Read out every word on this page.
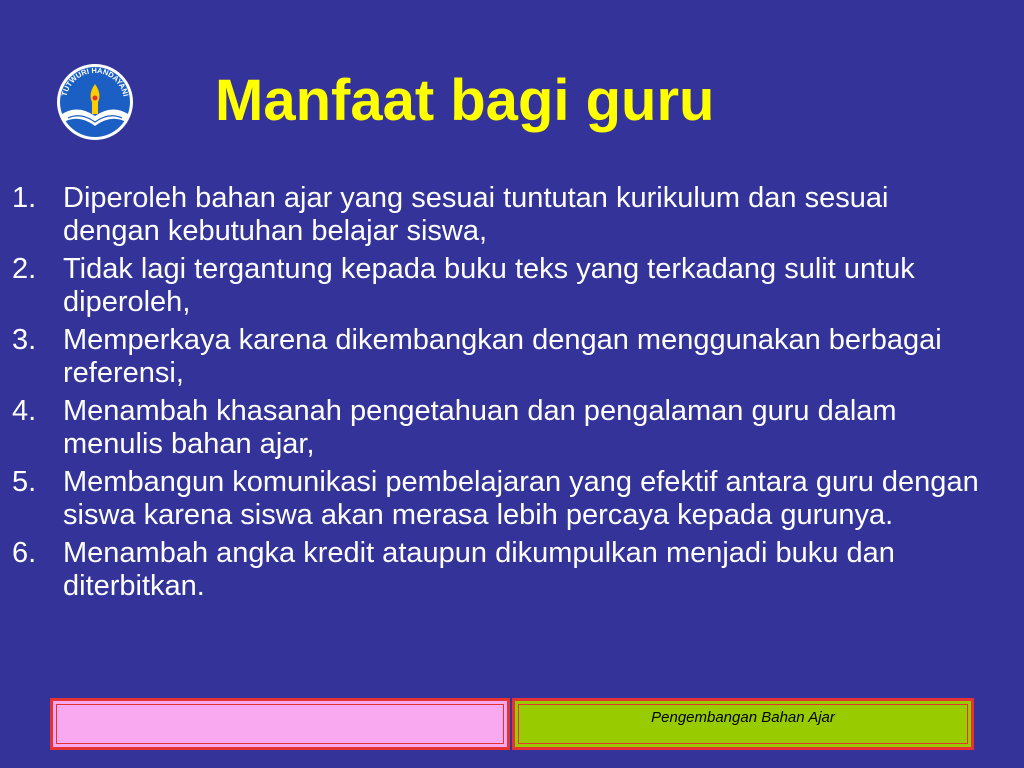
TUTWURI HANDAYANI Manfaat bagi guru
1. Diperoleh bahan ajar yang sesuai tuntutan kurikulum dan sesuai dengan kebutuhan belajar siswa,
2. Tidak lagi tergantung kepada buku teks yang terkadang sulit untuk diperoleh,
3. Memperkaya karena dikembangkan dengan menggunakan berbagai referensi,
4. Menambah khasanah pengetahuan dan pengalaman guru dalam menulis bahan ajar,
5. Membangun komunikasi pembelajaran yang efektif antara guru dengan siswa karena siswa akan merasa lebih percaya kepada gurunya.
6. Menambah angka kredit ataupun dikumpulkan menjadi buku dan diterbitkan.
Pengembangan Bahan Ajar
